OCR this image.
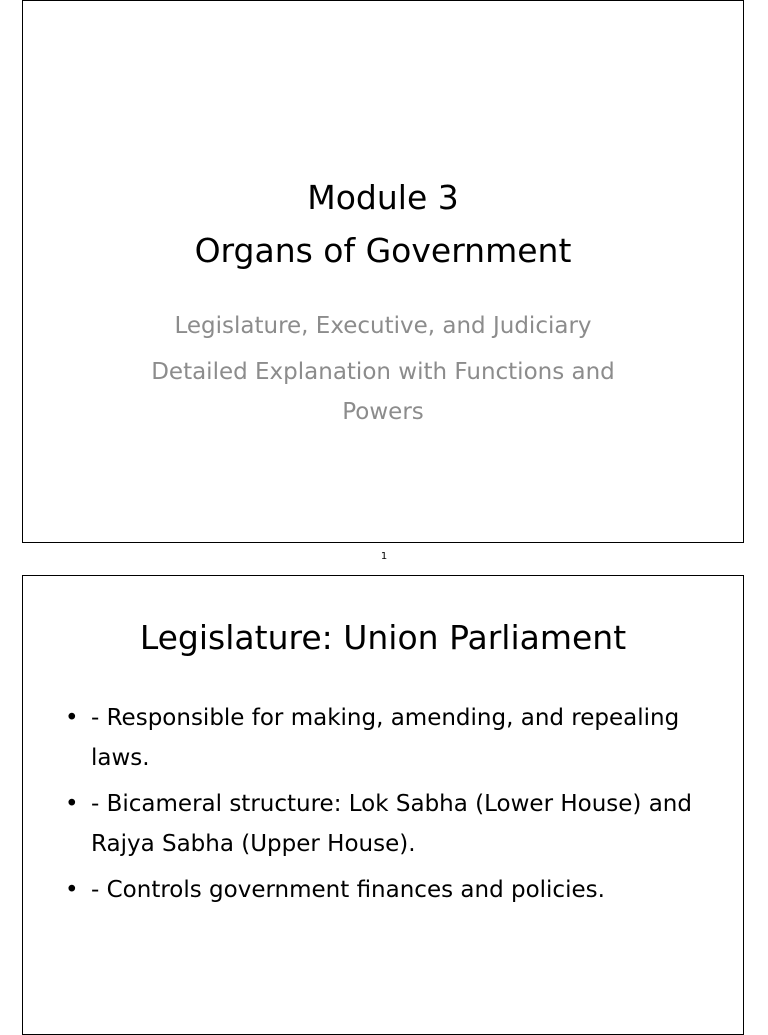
Module 3
Organs of Government
Legislature, Executive, and Judiciary
Detailed Explanation with Functions and Powers
1
Legislature: Union Parliament
• - Responsible for making, amending, and repealing laws.
• - Bicameral structure: Lok Sabha (Lower House) and Rajya Sabha (Upper House).
• - Controls government finances and policies.
